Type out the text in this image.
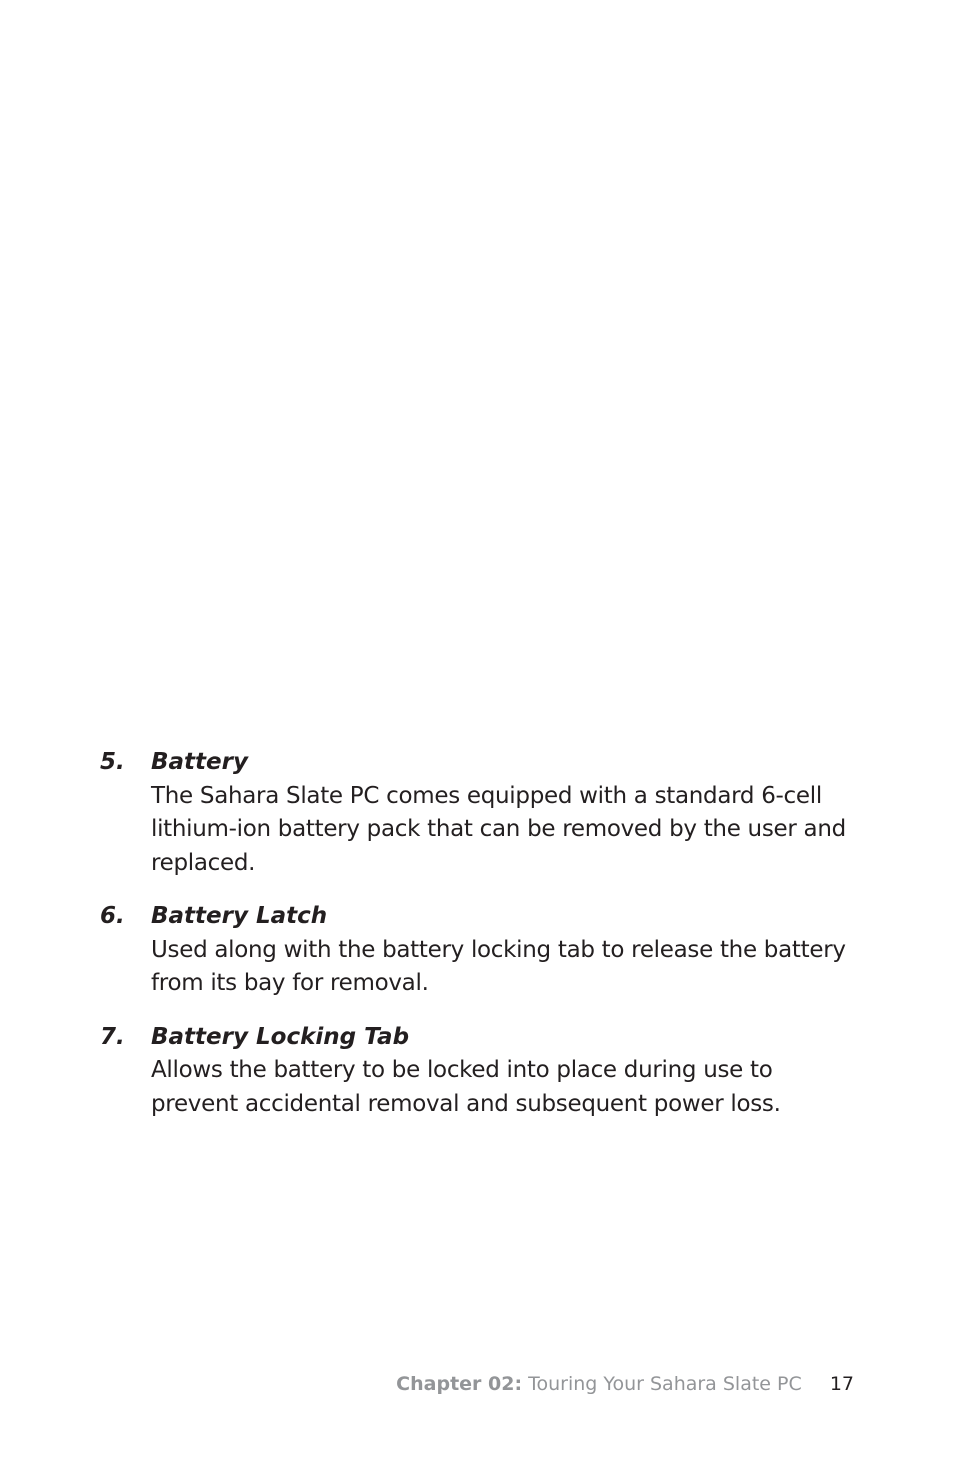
5. Battery
The Sahara Slate PC comes equipped with a standard 6-cell lithium-ion battery pack that can be removed by the user and replaced.
6. Battery Latch
Used along with the battery locking tab to release the battery from its bay for removal.
7. Battery Locking Tab
Allows the battery to be locked into place during use to prevent accidental removal and subsequent power loss.
Chapter 02: Touring Your Sahara Slate PC 17
